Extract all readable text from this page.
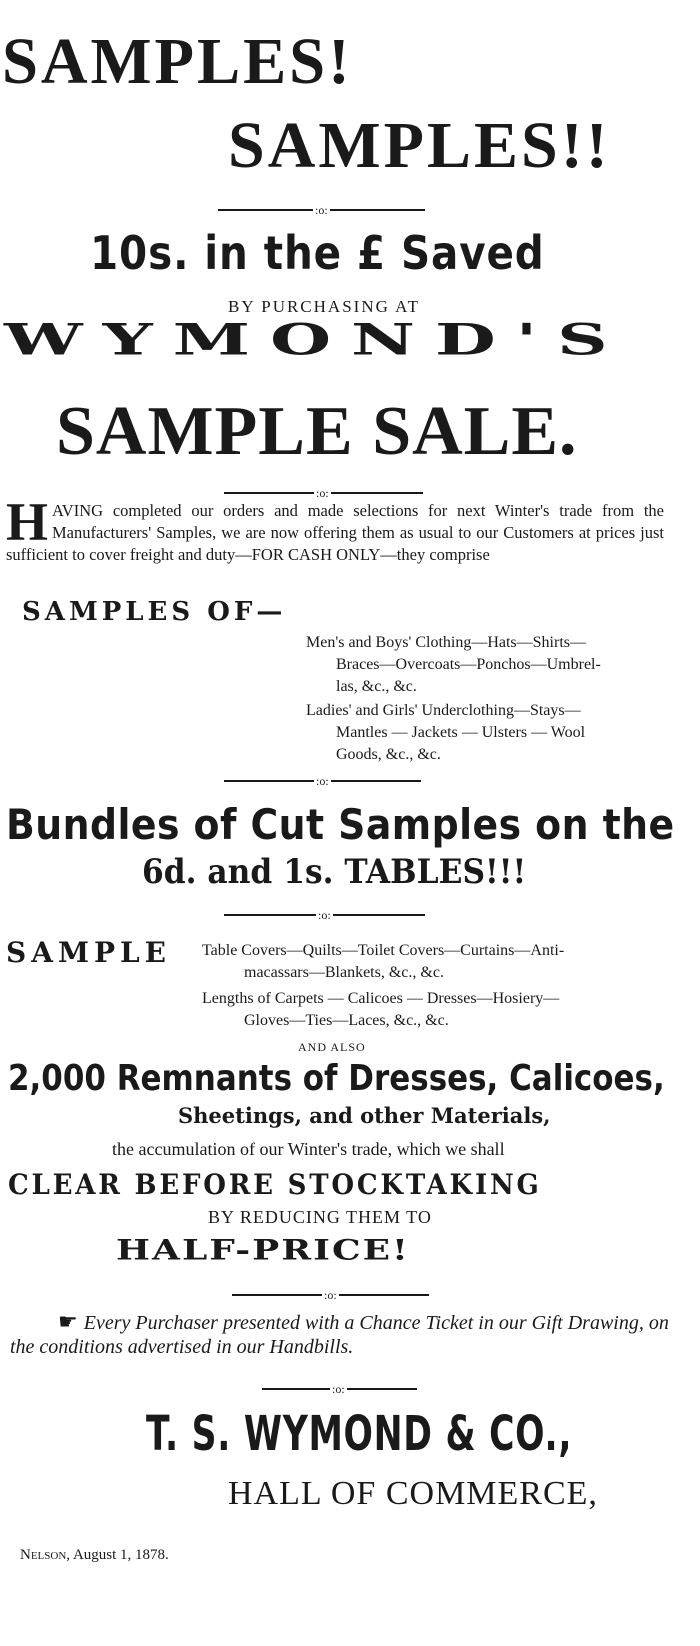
SAMPLES!
SAMPLES!!
:o:
10s. in the £ Saved
BY PURCHASING AT
WYMOND'S
SAMPLE SALE.
:o:
HAVING completed our orders and made selections for next Winter's trade from the Manufacturers' Samples, we are now offering them as usual to our Customers at prices just sufficient to cover freight and duty—FOR CASH ONLY—they comprise
SAMPLES OF—
Men's and Boys' Clothing—Hats—Shirts—
Braces—Overcoats—Ponchos—Umbrel-
las, &c., &c.
Ladies' and Girls' Underclothing—Stays—
Mantles — Jackets — Ulsters — Wool
Goods, &c., &c.
:o:
Bundles of Cut Samples on the
6d. and 1s. TABLES!!!
:o:
SAMPLE Table Covers—Quilts—Toilet Covers—Curtains—Anti-
macassars—Blankets, &c., &c.
Lengths of Carpets — Calicoes — Dresses—Hosiery—
Gloves—Ties—Laces, &c., &c.
AND ALSO
2,000 Remnants of Dresses, Calicoes,
Sheetings, and other Materials,
the accumulation of our Winter's trade, which we shall
CLEAR BEFORE STOCKTAKING
BY REDUCING THEM TO
HALF-PRICE!
:o:
☛ Every Purchaser presented with a Chance Ticket in our Gift Drawing, on the conditions advertised in our Handbills.
:o:
T. S. WYMOND & CO.,
HALL OF COMMERCE,
Nelson, August 1, 1878.
